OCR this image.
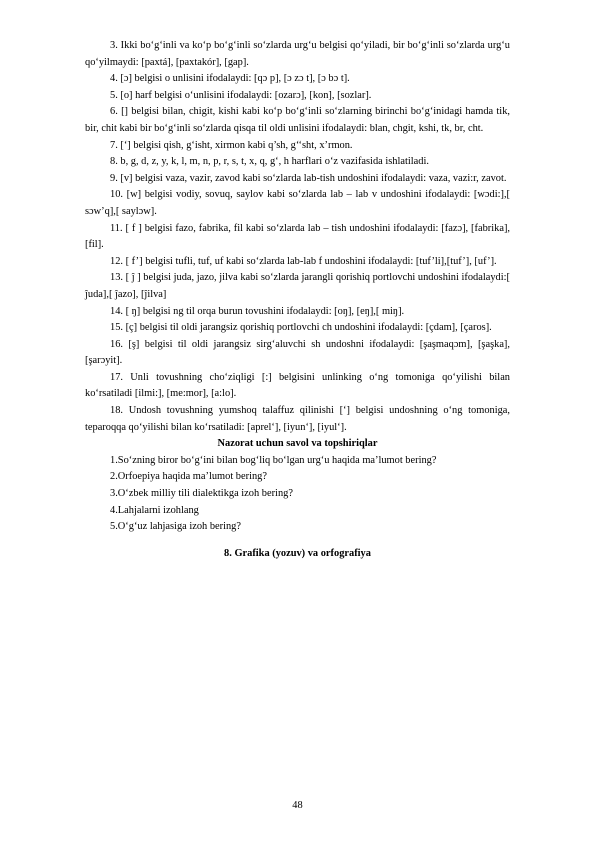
3. Ikki bo‘g‘inli va ko‘p bo‘g‘inli so‘zlarda urg‘u belgisi qo‘yiladi, bir bo‘g‘inli so‘zlarda urg‘u qo‘yilmaydi: [paxtá], [paxtakór], [gap].

4. [ɔ] belgisi o unlisini ifodalaydi: [qɔ p], [ɔ zɔ t], [ɔ bɔ t].

5. [o] harf belgisi o‘unlisini ifodalaydi: [ozarɔ], [kon], [sozlar].

6. [] belgisi bilan, chigit, kishi kabi ko‘p bo‘g‘inli so‘zlarning birinchi bo‘g‘inidagi hamda tik, bir, chit kabi bir bo‘g‘inli so‘zlarda qisqa til oldi unlisini ifodalaydi: blan, chgit, kshi, tk, br, cht.

7. [‘] belgisi qish, g‘isht, xirmon kabi q’sh, g‘‘sht, x’rmon.

8. b, g, d, z, y, k, l, m, n, p, r, s, t, x, q, g‘, h harflari o‘z vazifasida ishlatiladi.

9. [v] belgisi vaza, vazir, zavod kabi so‘zlarda lab-tish undoshini ifodalaydi: vaza, vazi:r, zavot.

10. [w] belgisi vodiy, sovuq, saylov kabi so‘zlarda lab – lab v undoshini ifodalaydi: [wɔdi:],[ sɔw’q],[ saylɔw].

11. [ f ] belgisi fazo, fabrika, fil kabi so‘zlarda lab – tish undoshini ifodalaydi: [fazɔ], [fabrika], [fil].

12. [ f’] belgisi tufli, tuf, uf kabi so‘zlarda lab-lab f undoshini ifodalaydi: [tuf’li],[tuf’], [uf’].

13. [ ĵ ] belgisi juda, jazo, jilva kabi so‘zlarda jarangli qorishiq portlovchi undoshini ifodalaydi:[ ĵuda],[ ĵazo], [ĵilva]

14. [ ŋ] belgisi ng til orqa burun tovushini ifodalaydi: [oŋ], [eŋ],[ miŋ].

15. [ç] belgisi til oldi jarangsiz qorishiq portlovchi ch undoshini ifodalaydi: [çdam], [çaros].

16. [ş] belgisi til oldi jarangsiz sirg‘aluvchi sh undoshni ifodalaydi: [şaşmaqɔm], [şaşka], [şarɔyit].

17. Unli tovushning cho‘ziqligi [:] belgisini unlinking o‘ng tomoniga qo‘yilishi bilan ko‘rsatiladi [ilmi:], [me:mor], [a:lo].

18. Undosh tovushning yumshoq talaffuz qilinishi [‘] belgisi undoshning o‘ng tomoniga, teparoqqa qo‘yilishi bilan ko‘rsatiladi: [aprel‘], [iyun‘], [iyul‘].

Nazorat uchun savol va topshiriqlar

1.So‘zning biror bo‘g‘ini bilan bog‘liq bo‘lgan urg‘u haqida ma’lumot bering?

2.Orfoepiya haqida ma’lumot bering?

3.O‘zbek milliy tili dialektikga izoh bering?

4.Lahjalarni izohlang

5.O‘g‘uz lahjasiga izoh bering?

8. Grafika (yozuv) va orfografiya

48
